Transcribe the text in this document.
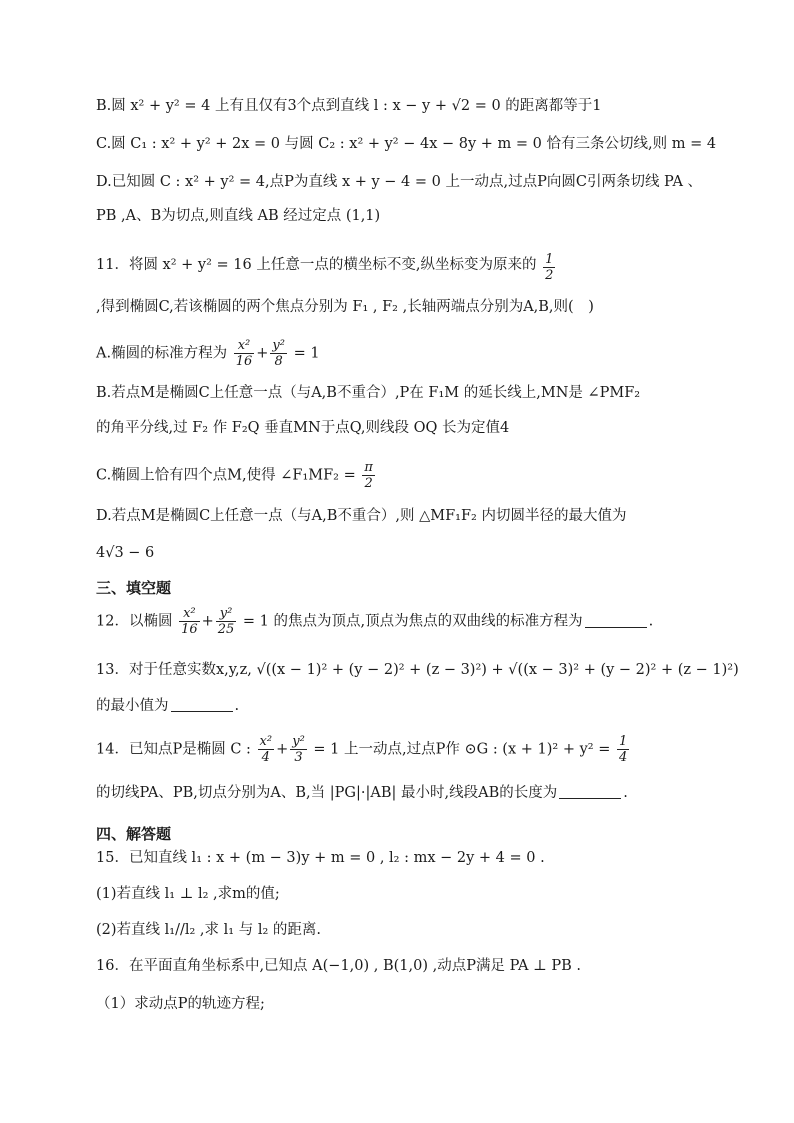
B.圆 x² + y² = 4 上有且仅有3个点到直线 l : x − y + √2 = 0 的距离都等于1
C.圆 C₁ : x² + y² + 2x = 0 与圆 C₂ : x² + y² − 4x − 8y + m = 0 恰有三条公切线,则 m = 4
D.已知圆 C : x² + y² = 4,点P为直线 x + y − 4 = 0 上一动点,过点P向圆C引两条切线 PA 、
PB ,A、B为切点,则直线 AB 经过定点 (1,1)
11．将圆 x² + y² = 16 上任意一点的横坐标不变,纵坐标变为原来的 $\frac{1}{2}$
,得到椭圆C,若该椭圆的两个焦点分别为 F₁ , F₂ ,长轴两端点分别为A,B,则(　)
A.椭圆的标准方程为 $\frac{\text{x²}}{16} + \frac{\text{y²}}{8} = 1$
B.若点M是椭圆C上任意一点（与A,B不重合）,P在 F₁M 的延长线上,MN是 ∠PMF₂
的角平分线,过 F₂ 作 F₂Q 垂直MN于点Q,则线段 OQ 长为定值4
C.椭圆上恰有四个点M,使得 ∠F₁MF₂ = $\frac{\pi}{2}$
D.若点M是椭圆C上任意一点（与A,B不重合）,则 △MF₁F₂ 内切圆半径的最大值为
4√3 − 6
三、填空题
12．以椭圆 $\frac{\text{x²}}{16} + \frac{\text{y²}}{25} = 1$ 的焦点为顶点,顶点为焦点的双曲线的标准方程为	.
13．对于任意实数x,y,z, √((x − 1)² + (y − 2)² + (z − 3)²) + √((x − 3)² + (y − 2)² + (z − 1)²)
的最小值为	.
14．已知点P是椭圆 C : $\frac{\text{x²}}{4} + \frac{\text{y²}}{3} = 1$ 上一动点,过点P作 ⊙G : $(x + 1)^2 + y^2 = \frac{1}{4}$
的切线PA、PB,切点分别为A、B,当 |PG|·|AB| 最小时,线段AB的长度为	.
四、解答题
15．已知直线 l₁ : x + (m − 3)y + m = 0 , l₂ : mx − 2y + 4 = 0 .
(1)若直线 l₁ ⊥ l₂ ,求m的值;
(2)若直线 l₁//l₂ ,求 l₁ 与 l₂ 的距离.
16．在平面直角坐标系中,已知点 A(−1,0) , B(1,0) ,动点P满足 PA ⊥ PB .
（1）求动点P的轨迹方程;
